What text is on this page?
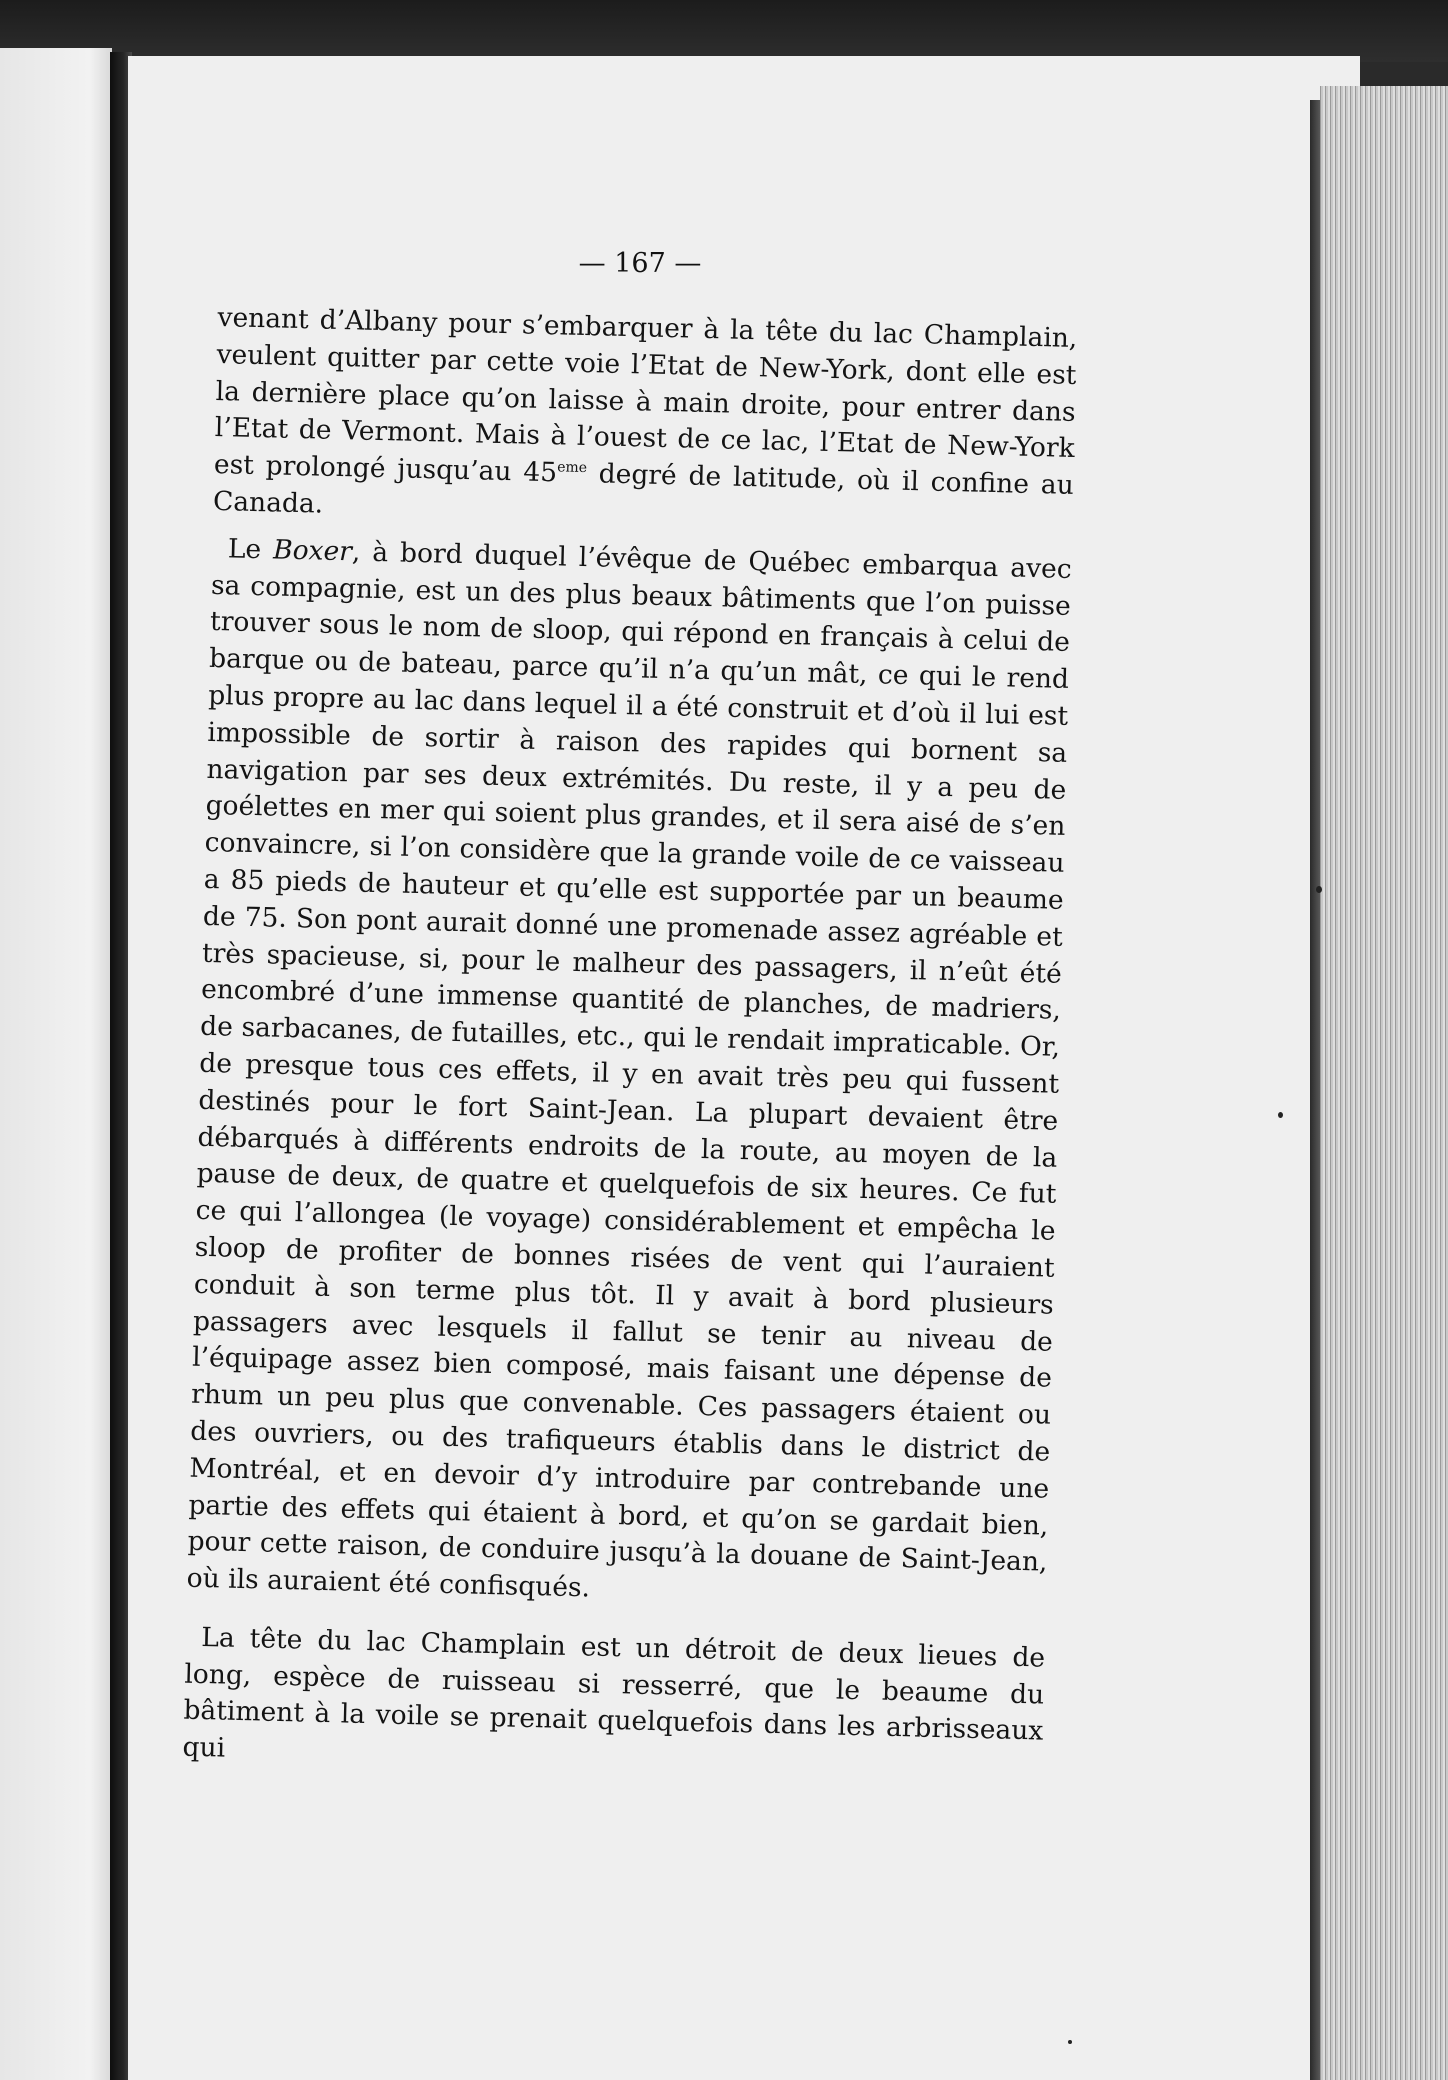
— 167 —

venant d’Albany pour s’embarquer à la tête du lac Champlain, veulent quitter par cette voie l’Etat de New-York, dont elle est la dernière place qu’on laisse à main droite, pour entrer dans l’Etat de Vermont. Mais à l’ouest de ce lac, l’Etat de New-York est prolongé jusqu’au 45eme degré de latitude, où il confine au Canada.

Le Boxer, à bord duquel l’évêque de Québec embarqua avec sa compagnie, est un des plus beaux bâtiments que l’on puisse trouver sous le nom de sloop, qui répond en français à celui de barque ou de bateau, parce qu’il n’a qu’un mât, ce qui le rend plus propre au lac dans lequel il a été construit et d’où il lui est impossible de sortir à raison des rapides qui bornent sa navigation par ses deux extrémités. Du reste, il y a peu de goélettes en mer qui soient plus grandes, et il sera aisé de s’en convaincre, si l’on considère que la grande voile de ce vaisseau a 85 pieds de hauteur et qu’elle est supportée par un beaume de 75. Son pont aurait donné une promenade assez agréable et très spacieuse, si, pour le malheur des passagers, il n’eût été encombré d’une immense quantité de planches, de madriers, de sarbacanes, de futailles, etc., qui le rendait impraticable. Or, de presque tous ces effets, il y en avait très peu qui fussent destinés pour le fort Saint-Jean. La plupart devaient être débarqués à différents endroits de la route, au moyen de la pause de deux, de quatre et quelquefois de six heures. Ce fut ce qui l’allongea (le voyage) considérablement et empêcha le sloop de profiter de bonnes risées de vent qui l’auraient conduit à son terme plus tôt. Il y avait à bord plusieurs passagers avec lesquels il fallut se tenir au niveau de l’équipage assez bien composé, mais faisant une dépense de rhum un peu plus que convenable. Ces passagers étaient ou des ouvriers, ou des trafiqueurs établis dans le district de Montréal, et en devoir d’y introduire par contrebande une partie des effets qui étaient à bord, et qu’on se gardait bien, pour cette raison, de conduire jusqu’à la douane de Saint-Jean, où ils auraient été confisqués.

La tête du lac Champlain est un détroit de deux lieues de long, espèce de ruisseau si resserré, que le beaume du bâtiment à la voile se prenait quelquefois dans les arbrisseaux qui
